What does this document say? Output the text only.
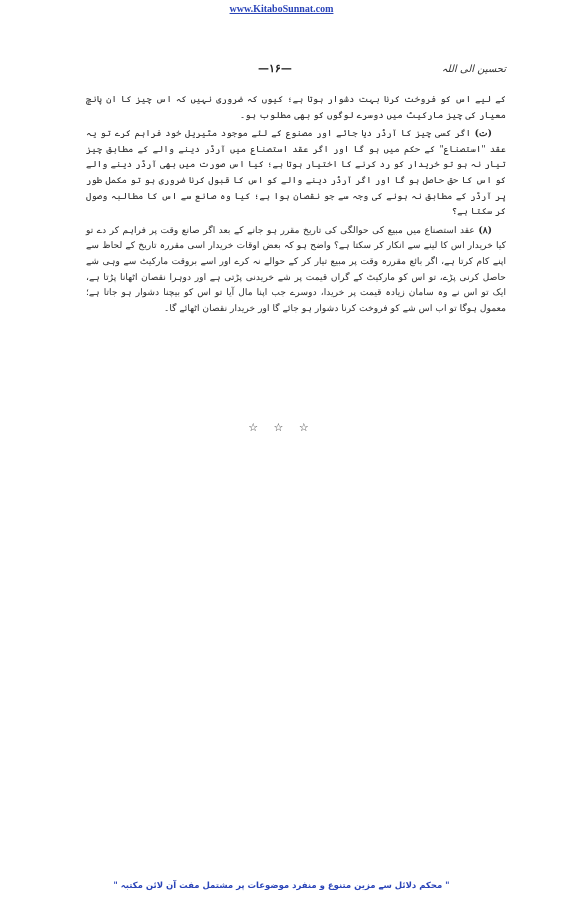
www.KitaboSunnat.com
تحسین الی اللہ
—۱۶—

کے لیے اس کو فروخت کرنا بہت دشوار ہوتا ہے؛ کیوں کہ ضروری نہیں کہ اس چیز کا ان پانچ معیار کی چیز مارکیٹ میں دوسرے لوگوں کو بھی مطلوب ہو۔

(ت) اگر کسی چیز کا آرڈر دیا جائے اور مصنوع کے لئے موجود مٹیریل خود فراہم کرے تو یہ عقد "استصناع" کے حکم میں ہو گا اور اگر عقد استصناع میں آرڈر دینے والے کے مطابق چیز تیار نہ ہو تو خریدار کو رد کرنے کا اختیار ہوتا ہے؛ کیا اس صورت میں بھی آرڈر دینے والے کو اس کا حق حاصل ہو گا اور اگر آرڈر دینے والے کو اس کا قبول کرنا ضروری ہو تو مکمل طور پر آرڈر کے مطابق نہ ہونے کی وجہ سے جو نقصان ہوا ہے؛ کیا وہ صانع سے اس کا مطالبہ وصول کر سکتا ہے؟

(۸) عقد استصناع میں مبیع کی حوالگی کی تاریخ مقرر ہو جانے کے بعد اگر صانع وقت پر فراہم کر دے تو کیا خریدار اس کا لینے سے انکار کر سکتا ہے؟ واضح ہو کہ بعض اوقات خریدار اسی مقررہ تاریخ کے لحاظ سے اپنے کام کرتا ہے، اگر بائع مقررہ وقت پر مبیع تیار کر کے حوالے نہ کرے اور اسے بروقت مارکیٹ سے وہی شے حاصل کرنی پڑے، تو اس کو مارکیٹ کے گراں قیمت پر شے خریدنی پڑتی ہے اور دوہرا نقصان اٹھانا پڑتا ہے، ایک تو اس نے وہ سامان زیادہ قیمت پر خریدا، دوسرے جب اپنا مال آیا تو اس کو بیچنا دشوار ہو جاتا ہے؛ معمول ہوگا تو اب اس شے کو فروخت کرنا دشوار ہو جائے گا اور خریدار نقصان اٹھائے گا۔

☆ ☆ ☆
" محکم دلائل سے مزین متنوع و منفرد موضوعات پر مشتمل مفت آن لائن مکتبہ "
